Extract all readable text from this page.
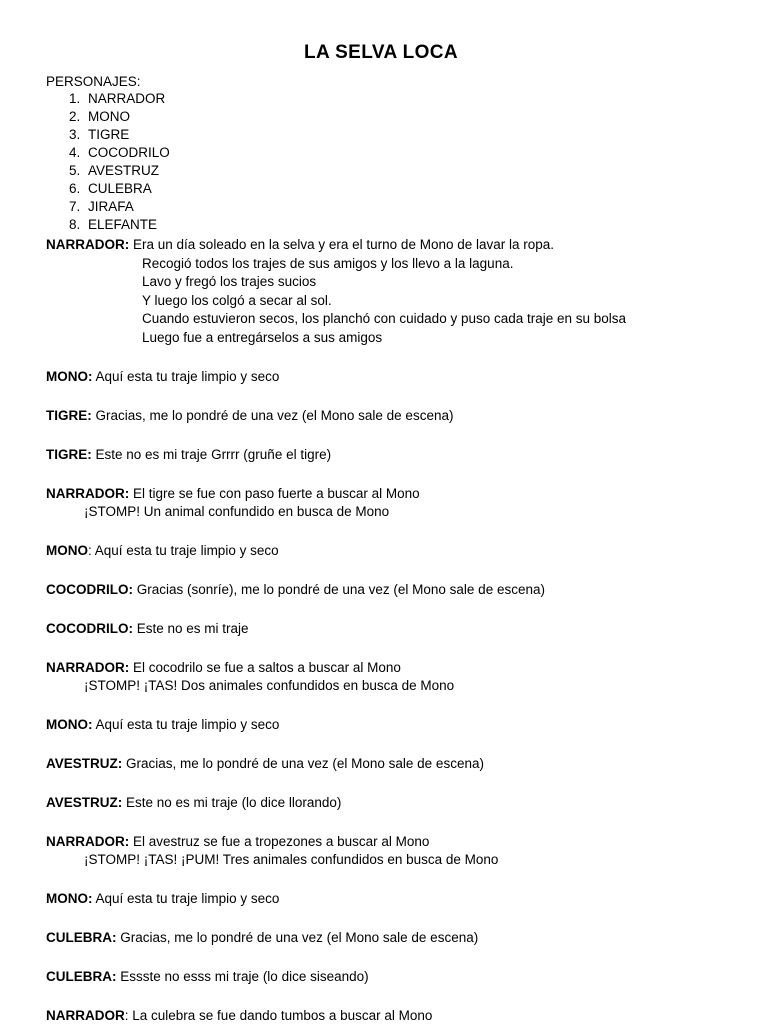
LA SELVA LOCA
PERSONAJES:
1. NARRADOR
2. MONO
3. TIGRE
4. COCODRILO
5. AVESTRUZ
6. CULEBRA
7. JIRAFA
8. ELEFANTE
NARRADOR: Era un día soleado en la selva y era el turno de Mono de lavar la ropa.
Recogió todos los trajes de sus amigos y los llevo a la laguna.
Lavo y fregó los trajes sucios
Y luego los colgó a secar al sol.
Cuando estuvieron secos, los planchó con cuidado y puso cada traje en su bolsa
Luego fue a entregárselos a sus amigos
MONO: Aquí esta tu traje limpio y seco
TIGRE: Gracias, me lo pondré de una vez (el Mono sale de escena)
TIGRE: Este no es mi traje Grrrr (gruñe el tigre)
NARRADOR: El tigre se fue con paso fuerte a buscar al Mono
¡STOMP! Un animal confundido en busca de Mono
MONO: Aquí esta tu traje limpio y seco
COCODRILO: Gracias (sonríe), me lo pondré de una vez (el Mono sale de escena)
COCODRILO: Este no es mi traje
NARRADOR: El cocodrilo se fue a saltos a buscar al Mono
¡STOMP! ¡TAS! Dos animales confundidos en busca de Mono
MONO: Aquí esta tu traje limpio y seco
AVESTRUZ: Gracias, me lo pondré de una vez (el Mono sale de escena)
AVESTRUZ: Este no es mi traje (lo dice llorando)
NARRADOR: El avestruz se fue a tropezones a buscar al Mono
¡STOMP! ¡TAS! ¡PUM! Tres animales confundidos en busca de Mono
MONO: Aquí esta tu traje limpio y seco
CULEBRA: Gracias, me lo pondré de una vez (el Mono sale de escena)
CULEBRA: Essste no esss mi traje (lo dice siseando)
NARRADOR: La culebra se fue dando tumbos a buscar al Mono
